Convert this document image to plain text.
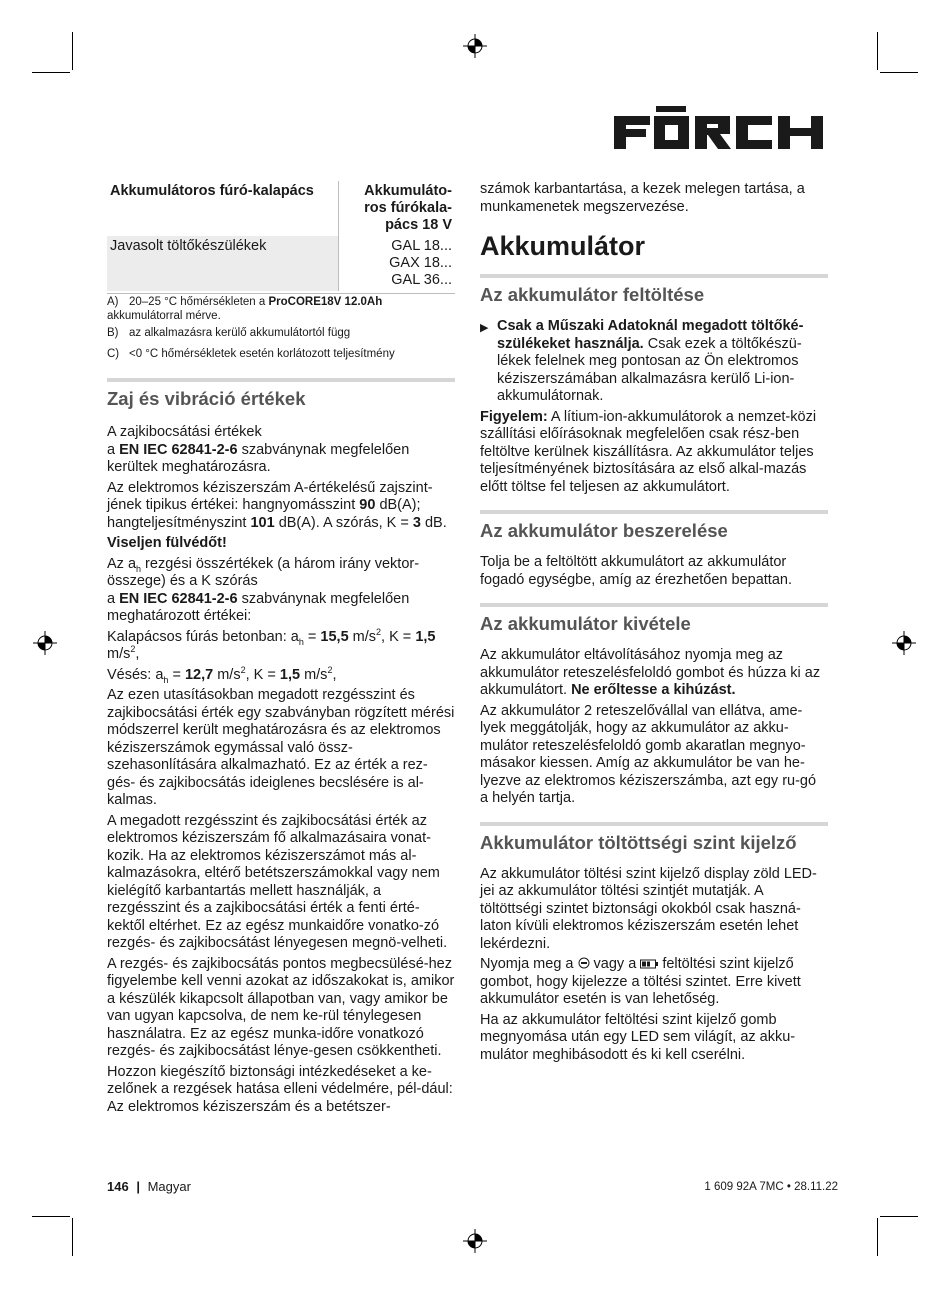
Akkumulátoros fúró-kalapács	Akkumuláto-ros fúrókala-pács 18 V
Javasolt töltőkészülékek	GAL 18...
GAX 18...
GAL 36...
A) 20–25 °C hőmérsékleten a ProCORE18V 12.0Ah akkumulátorral mérve.
B) az alkalmazásra kerülő akkumulátortól függ
C) <0 °C hőmérsékletek esetén korlátozott teljesítmény
Zaj és vibráció értékek

A zajkibocsátási értékek
a EN IEC 62841-2-6 szabványnak megfelelően kerültek meghatározásra.

Az elektromos kéziszerszám A-értékelésű zajszint-jének tipikus értékei: hangnyomásszint 90 dB(A); hangteljesítményszint 101 dB(A). A szórás, K = 3 dB.

Viseljen fülvédőt!

Az $a_h$ rezgési összértékek (a három irány vektor-összege) és a K szórás
a EN IEC 62841-2-6 szabványnak megfelelően meghatározott értékei:

Kalapácsos fúrás betonban: $a_h = 15,5$ $m/s^2$, K = 1,5 $m/s^2$,

Vésés: $a_h = 12,7$ $m/s^2$, K = 1,5 $m/s^2$,

Az ezen utasításokban megadott rezgésszint és zajkibocsátási érték egy szabványban rögzített mérési módszerrel került meghatározásra és az elektromos kéziszerszámok egymással való össz-szehasonlítására alkalmazható. Ez az érték a rez-gés- és zajkibocsátás ideiglenes becslésére is al-kalmas.

A megadott rezgésszint és zajkibocsátási érték az elektromos kéziszerszám fő alkalmazásaira vonat-kozik. Ha az elektromos kéziszerszámot más al-kalmazásokra, eltérő betétszerszámokkal vagy nem kielégítő karbantartás mellett használják, a rezgésszint és a zajkibocsátási érték a fenti érté-kektől eltérhet. Ez az egész munkaidőre vonatko-zó rezgés- és zajkibocsátást lényegesen megnö-velheti.

A rezgés- és zajkibocsátás pontos megbecsülésé-hez figyelembe kell venni azokat az időszakokat is, amikor a készülék kikapcsolt állapotban van, vagy amikor be van ugyan kapcsolva, de nem ke-rül ténylegesen használatra. Ez az egész munka-időre vonatkozó rezgés- és zajkibocsátást lénye-gesen csökkentheti.

Hozzon kiegészítő biztonsági intézkedéseket a ke-zelőnek a rezgések hatása elleni védelmére, pél-dául: Az elektromos kéziszerszám és a betétszer-

számok karbantartása, a kezek melegen tartása, a munkamenetek megszervezése.

Akkumulátor
Az akkumulátor feltöltése

▶ Csak a Műszaki Adatoknál megadott töltőké-szülékeket használja. Csak ezek a töltőkészü-lékek felelnek meg pontosan az Ön elektromos kéziszerszámában alkalmazásra kerülő Li-ion-akkumulátornak.

Figyelem: A lítium-ion-akkumulátorok a nemzet-közi szállítási előírásoknak megfelelően csak rész-ben feltöltve kerülnek kiszállításra. Az akkumulátor teljes teljesítményének biztosítására az első alkal-mazás előtt töltse fel teljesen az akkumulátort.

Az akkumulátor beszerelése

Tolja be a feltöltött akkumulátort az akkumulátor fogadó egységbe, amíg az érezhetően bepattan.

Az akkumulátor kivétele

Az akkumulátor eltávolításához nyomja meg az akkumulátor reteszelésfeloldó gombot és húzza ki az akkumulátort. Ne erőltesse a kihúzást.

Az akkumulátor 2 reteszelővállal van ellátva, ame-lyek meggátolják, hogy az akkumulátor az akku-mulátor reteszelésfeloldó gomb akaratlan megnyo-másakor kiessen. Amíg az akkumulátor be van he-lyezve az elektromos kéziszerszámba, azt egy ru-gó a helyén tartja.

Akkumulátor töltöttségi szint kijelző

Az akkumulátor töltési szint kijelző display zöld LED-jei az akkumulátor töltési szintjét mutatják. A töltöttségi szintet biztonsági okokból csak haszná-laton kívüli elektromos kéziszerszám esetén lehet lekérdezni.

Nyomja meg a  vagy a  feltöltési szint kijelző gombot, hogy kijelezze a töltési szintet. Erre kivett akkumulátor esetén is van lehetőség.

Ha az akkumulátor feltöltési szint kijelző gomb megnyomása után egy LED sem világít, az akku-mulátor meghibásodott és ki kell cserélni.

146 | Magyar	1 609 92A 7MC • 28.11.22
